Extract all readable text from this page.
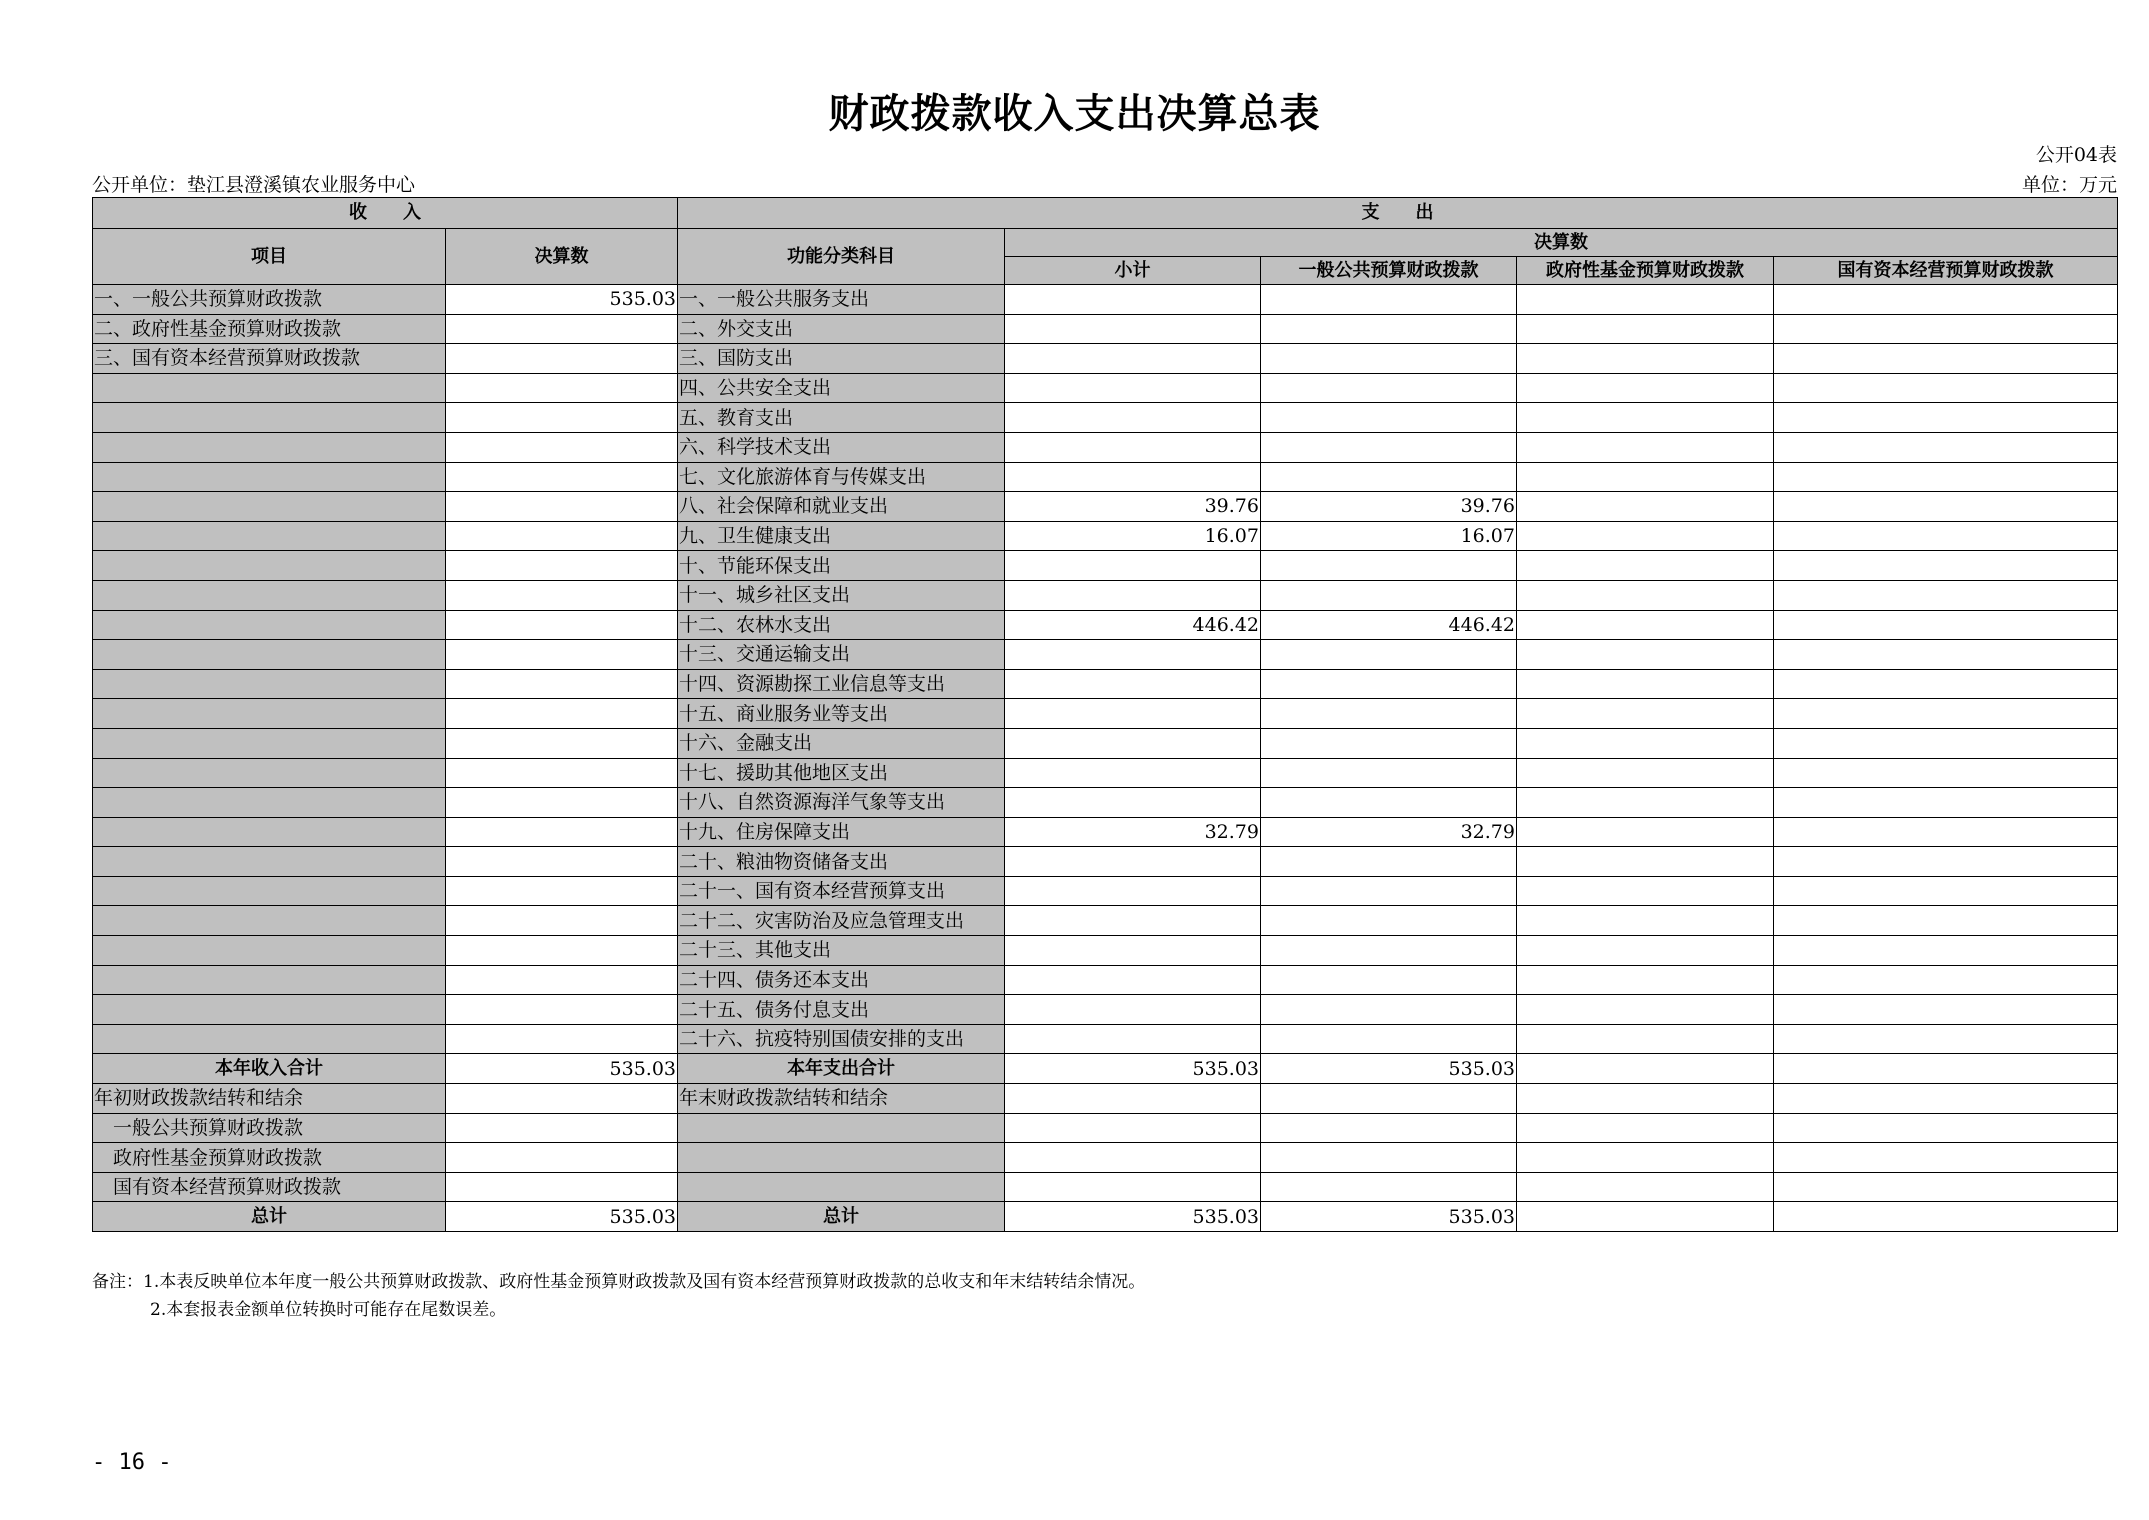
财政拨款收入支出决算总表
公开04表
公开单位：垫江县澄溪镇农业服务中心	单位：万元
收　　入		支　　出				
项目	决算数	功能分类科目	决算数			
			小计	一般公共预算财政拨款	政府性基金预算财政拨款	国有资本经营预算财政拨款
一、一般公共预算财政拨款	535.03	一、一般公共服务支出				
二、政府性基金预算财政拨款		二、外交支出				
三、国有资本经营预算财政拨款		三、国防支出				
		四、公共安全支出				
		五、教育支出				
		六、科学技术支出				
		七、文化旅游体育与传媒支出				
		八、社会保障和就业支出	39.76	39.76		
		九、卫生健康支出	16.07	16.07		
		十、节能环保支出				
		十一、城乡社区支出				
		十二、农林水支出	446.42	446.42		
		十三、交通运输支出				
		十四、资源勘探工业信息等支出				
		十五、商业服务业等支出				
		十六、金融支出				
		十七、援助其他地区支出				
		十八、自然资源海洋气象等支出				
		十九、住房保障支出	32.79	32.79		
		二十、粮油物资储备支出				
		二十一、国有资本经营预算支出				
		二十二、灾害防治及应急管理支出				
		二十三、其他支出				
		二十四、债务还本支出				
		二十五、债务付息支出				
		二十六、抗疫特别国债安排的支出				
本年收入合计	535.03	本年支出合计	535.03	535.03		
年初财政拨款结转和结余		年末财政拨款结转和结余				
一般公共预算财政拨款						
政府性基金预算财政拨款						
国有资本经营预算财政拨款						
总计	535.03	总计	535.03	535.03		
备注：1.本表反映单位本年度一般公共预算财政拨款、政府性基金预算财政拨款及国有资本经营预算财政拨款的总收支和年末结转结余情况。
2.本套报表金额单位转换时可能存在尾数误差。
- 16 -
